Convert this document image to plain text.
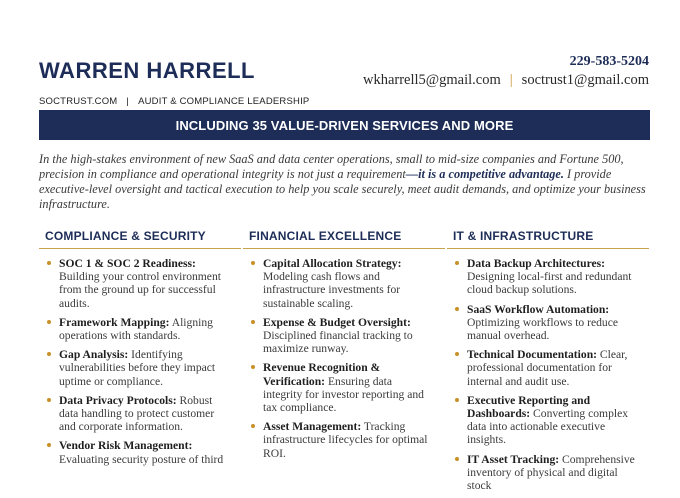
WARREN HARRELL	229-583-5204
wkharrell5@gmail.com | soctrust1@gmail.com
SOCTRUST.COM | AUDIT & COMPLIANCE LEADERSHIP
INCLUDING 35 VALUE-DRIVEN SERVICES AND MORE
In the high-stakes environment of new SaaS and data center operations, small to mid-size companies and Fortune 500, precision in compliance and operational integrity is not just a requirement—it is a competitive advantage. I provide executive-level oversight and tactical execution to help you scale securely, meet audit demands, and optimize your business infrastructure.
COMPLIANCE & SECURITY
SOC 1 & SOC 2 Readiness: Building your control environment from the ground up for successful audits.
Framework Mapping: Aligning operations with standards.
Gap Analysis: Identifying vulnerabilities before they impact uptime or compliance.
Data Privacy Protocols: Robust data handling to protect customer and corporate information.
Vendor Risk Management: Evaluating security posture of third
FINANCIAL EXCELLENCE
Capital Allocation Strategy: Modeling cash flows and infrastructure investments for sustainable scaling.
Expense & Budget Oversight: Disciplined financial tracking to maximize runway.
Revenue Recognition & Verification: Ensuring data integrity for investor reporting and tax compliance.
Asset Management: Tracking infrastructure lifecycles for optimal ROI.
IT & INFRASTRUCTURE
Data Backup Architectures: Designing local-first and redundant cloud backup solutions.
SaaS Workflow Automation: Optimizing workflows to reduce manual overhead.
Technical Documentation: Clear, professional documentation for internal and audit use.
Executive Reporting and Dashboards: Converting complex data into actionable executive insights.
IT Asset Tracking: Comprehensive inventory of physical and digital stock
